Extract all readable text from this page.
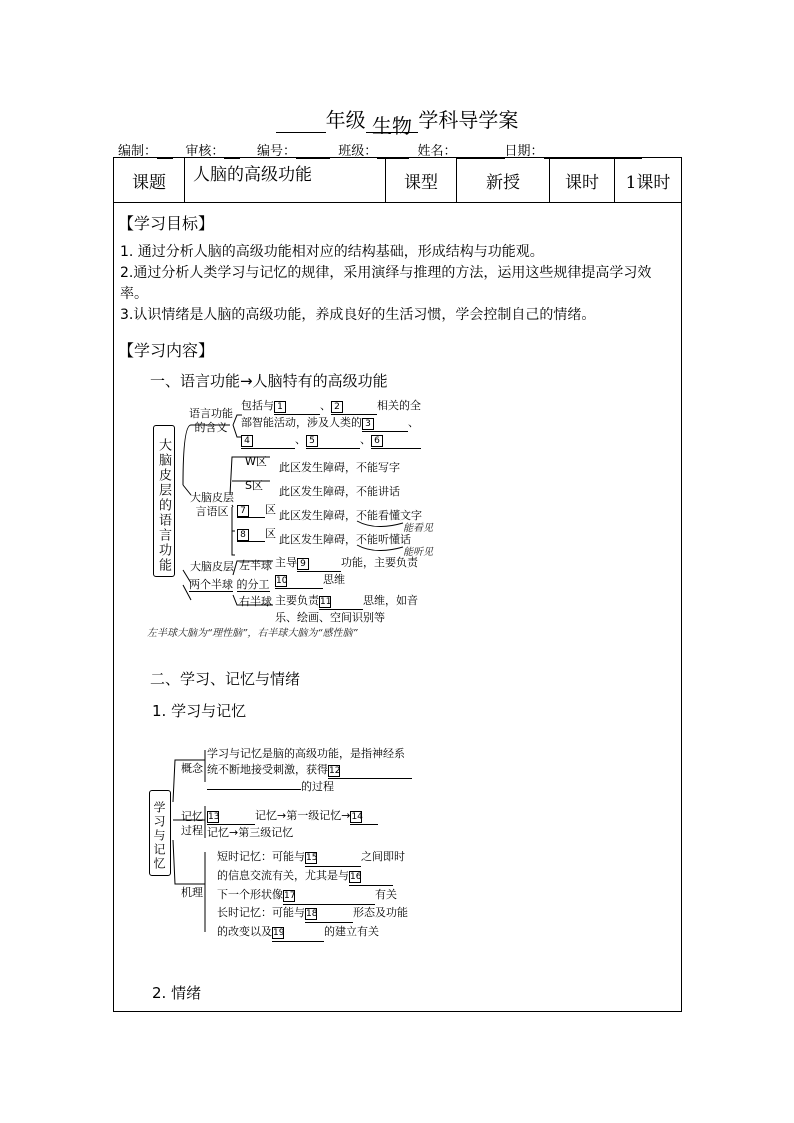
年级 生物 学科导学案
编制： 审核：	编号：	班级：	姓名：	日期：
课题	人脑的高级功能	课型	新授	课时	1课时
【学习目标】
1. 通过分析人脑的高级功能相对应的结构基础，形成结构与功能观。
2.通过分析人类学习与记忆的规律，采用演绎与推理的方法，运用这些规律提高学习效率。
3.认识情绪是人脑的高级功能，养成良好的生活习惯，学会控制自己的情绪。
【学习内容】
一、语言功能→人脑特有的高级功能
大脑皮层的语言功能
语言功能的含义
包括与 1	、 2	相关的全
部智能活动，涉及人类的 3	、
4	、 5	、 6
大脑皮层言语区
W区 此区发生障碍，不能写字
S区 此区发生障碍，不能讲话
7 区 此区发生障碍，不能看懂文字
8 区 此区发生障碍，不能听懂话
能看见
能听见
大脑皮层
两个半球 的分工
左半球 主导 9	功能，主要负责
10	思维
右半球 主要负责11	思维，如音
乐、绘画、空间识别等
左半球大脑为“理性脑”，右半球大脑为“感性脑”
二、学习、记忆与情绪
1. 学习与记忆
学习与记忆
概念
学习与记忆是脑的高级功能，是指神经系
统不断地接受刺激，获得12
的过程
记忆
过程
13	记忆→第一级记忆→14
记忆→第三级记忆
机理
短时记忆：可能与15	之间即时
的信息交流有关，尤其是与16
下一个形状像17	有关
长时记忆：可能与18	形态及功能
的改变以及19	的建立有关
2. 情绪
